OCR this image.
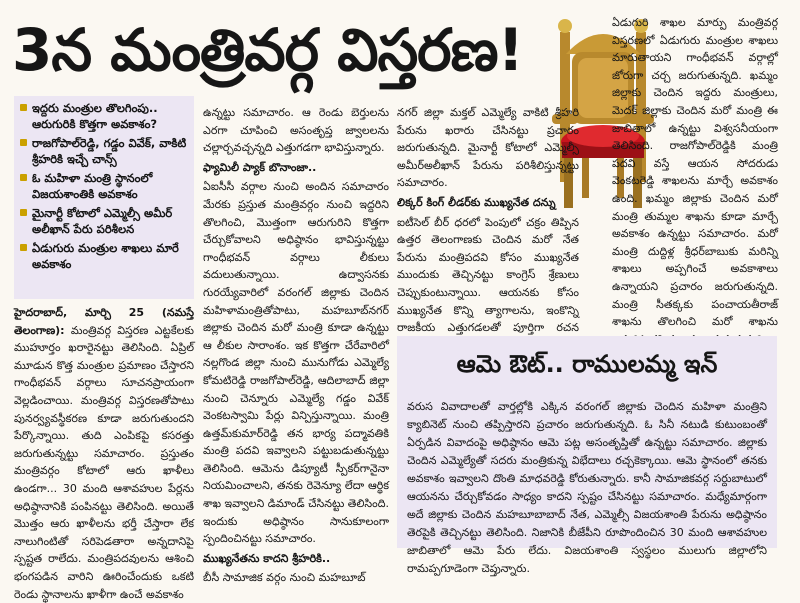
3న మంత్రివర్గ విస్తరణ!
ఇద్దరు మంత్రుల తొలగింపు.. ఆరుగురికి కొత్తగా అవకాశం?
రాజగోపాల్‌రెడ్డి, గడ్డం వివేక్, వాకిటి శ్రీహరికి ఇచ్చే చాన్స్
ఓ మహిళా మంత్రి స్థానంలో విజయశాంతికి అవకాశం
మైనార్టీ కోటాలో ఎమ్మెల్సీ అమీర్ అలీఖాన్ పేరు పరిశీలన
ఏడుగురు మంత్రుల శాఖలు మారే అవకాశం

హైదరాబాద్, మార్చి 25 (నమస్తే తెలంగాణ): మంత్రివర్గ విస్తరణ ఎట్టకేలకు ముహూర్తం ఖరారైనట్టు తెలిసింది. ఏప్రిల్ మూడున కొత్త మంత్రుల ప్రమాణం చేస్తారని గాంధీభవన్ వర్గాలు సూచనప్రాయంగా వెల్లడించాయి. మంత్రివర్గ విస్తరణతోపాటు పునర్వ్యవస్థీకరణ కూడా జరుగుతుందని పేర్కొన్నాయి. తుది ఎంపికపై కసరత్తు జరుగుతున్నట్టు సమాచారం. ప్రస్తుతం మంత్రివర్గం కోటాలో ఆరు ఖాళీలు ఉండగా... 30 మంది ఆశావహుల పేర్లను అధిష్ఠానానికి పంపినట్టు తెలిసింది. అయితే మొత్తం ఆరు ఖాళీలను భర్తీ చేస్తారా లేక నాలుగింటితో సరిపెడతారా అన్నదానిపై స్పష్టత రాలేదు. మంత్రిపదవులను ఆశించి భంగపడిన వారిని ఊరించేందుకు ఒకటి రెండు స్థానాలను ఖాళీగా ఉంచే అవకాశం

ఉన్నట్టు సమాచారం. ఆ రెండు బెర్తులను ఎరగా చూపించి అసంతృప్త జ్వాలలను చల్లార్చవచ్చన్నది ఎత్తుగడగా భావిస్తున్నారు.

ఫ్యామిలీ ప్యాక్ బొనాంజా..

ఏఐసీసీ వర్గాల నుంచి అందిన సమాచారం మేరకు ప్రస్తుత మంత్రివర్గం నుంచి ఇద్దరిని తొలగించి, మొత్తంగా ఆరుగురిని కొత్తగా చేర్చుకోవాలని అధిష్ఠానం భావిస్తున్నట్టు గాంధీభవన్ వర్గాలు లీకులు వదులుతున్నాయి. ఉద్వాసనకు గురయ్యేవారిలో వరంగల్ జిల్లాకు చెందిన మహిళామంత్రితోపాటు, మహబూబ్‌నగర్ జిల్లాకు చెందిన మరో మంత్రి కూడా ఉన్నట్టు ఆ లీకుల సారాంశం. ఇక కొత్తగా చేరేవారిలో నల్లగొండ జిల్లా నుంచి మునుగోడు ఎమ్మెల్యే కోమటిరెడ్డి రాజగోపాల్‌రెడ్డి, ఆదిలాబాద్ జిల్లా నుంచి చెన్నూరు ఎమ్మెల్యే గడ్డం వివేక్ వెంకటస్వామి పేర్లు విన్పిస్తున్నాయి. మంత్రి ఉత్తమ్‌కుమార్‌రెడ్డి తన భార్య పద్మావతికి మంత్రి పదవి ఇవ్వాలని పట్టుబడుతున్నట్టు తెలిసింది. ఆమెను డిప్యూటీ స్పీకర్‌గానైనా నియమించాలని, తనకు రెవెన్యూ లేదా ఆర్థిక శాఖ ఇవ్వాలని డిమాండ్ చేసినట్టు తెలిసింది. ఇందుకు అధిష్ఠానం సానుకూలంగా స్పందించినట్టు సమాచారం.

ముఖ్యనేతను కాదని శ్రీహరికి..

బీసీ సామాజిక వర్గం నుంచి మహబూబ్

నగర్ జిల్లా మక్తల్ ఎమ్మెల్యే వాకిటి శ్రీహరి పేరును ఖరారు చేసినట్టు ప్రచారం జరుగుతున్నది. మైనార్టీ కోటాలో ఎమ్మెల్సీ అమీర్‌అలీఖాన్ పేరును పరిశీలిస్తున్నట్టు సమాచారం.

లిక్కర్ కింగ్ లీడర్‌కు ముఖ్యనేత దన్ను

ఐటీసెల్ బీర్ ధరలో పెంపులో చక్రం తిప్పిన ఉత్తర తెలంగాణకు చెందిన మరో నేత పేరును మంత్రిపదవి కోసం ముఖ్యనేత ముందుకు తెచ్చినట్టు కాంగ్రెస్ శ్రేణులు చెప్పుకుంటున్నాయి. ఆయనకు కోసం ముఖ్యనేత కొన్ని త్యాగాలను, ఇంకొన్ని రాజకీయ ఎత్తుగడలతో పూర్తిగా రచన

ఏడుగురి శాఖల మార్పు మంత్రివర్గ విస్తరణలో ఏడుగురు మంత్రుల శాఖలు మారుతాయని గాంధీభవన్ వర్గాల్లో జోరుగా చర్చ జరుగుతున్నది. ఖమ్మం జిల్లాకు చెందిన ఇద్దరు మంత్రులు, మెదక్ జిల్లాకు చెందిన మరో మంత్రి ఈ జాబితాలో ఉన్నట్టు విశ్వసనీయంగా తెలిసింది. రాజగోపాల్‌రెడ్డికి మంత్రి పదవి వస్తే ఆయన సోదరుడు వెంకటరెడ్డి శాఖలను మార్చే అవకాశం ఉంది. ఖమ్మం జిల్లాకు చెందిన మరో మంత్రి తుమ్మల శాఖను కూడా మార్చే అవకాశం ఉన్నట్టు సమాచారం. మరో మంత్రి దుద్దిళ్ల శ్రీధర్‌బాబుకు మరిన్ని శాఖలు అప్పగించే అవకాశాలు ఉన్నాయని ప్రచారం జరుగుతున్నది. మంత్రి సీతక్కకు పంచాయతీరాజ్ శాఖను తొలగించి మరో శాఖను

ఆమె ఔట్.. రాములమ్మ ఇన్
వరుస వివాదాలతో వార్తల్లోకి ఎక్కిన వరంగల్ జిల్లాకు చెందిన మహిళా మంత్రిని క్యాబినెట్ నుంచి తప్పిస్తారని ప్రచారం జరుగుతున్నది. ఓ సినీ నటుడి కుటుంబంతో ఏర్పడిన వివాదంపై అధిష్ఠానం ఆమె పట్ల అసంతృప్తితో ఉన్నట్టు సమాచారం. జిల్లాకు చెందిన ఎమ్మెల్యేతో సదరు మంత్రికున్న విభేదాలు రచ్చకెక్కాయి. ఆమె స్థానంలో తనకు అవకాశం ఇవ్వాలని దొంతి మాధవరెడ్డి కోరుతున్నారు. కానీ సామాజికవర్గ సర్దుబాటులో ఆయనను చేర్చుకోవడం సాధ్యం కాదని స్పష్టం చేసినట్టు సమాచారం. మధ్యేమార్గంగా అదే జిల్లాకు చెందిన మహబూబాబాద్ నేత, ఎమ్మెల్సీ విజయశాంతి పేరును అధిష్ఠానం తెరపైకి తెచ్చినట్టు తెలిసింది. నిజానికి బీజేపీని రూపొందించిన 30 మంది ఆశావహుల జాబితాలో ఆమె పేరు లేదు. విజయశాంతి స్వస్థలం ములుగు జిల్లాలోని రామప్పగూడెంగా చెప్తున్నారు.
